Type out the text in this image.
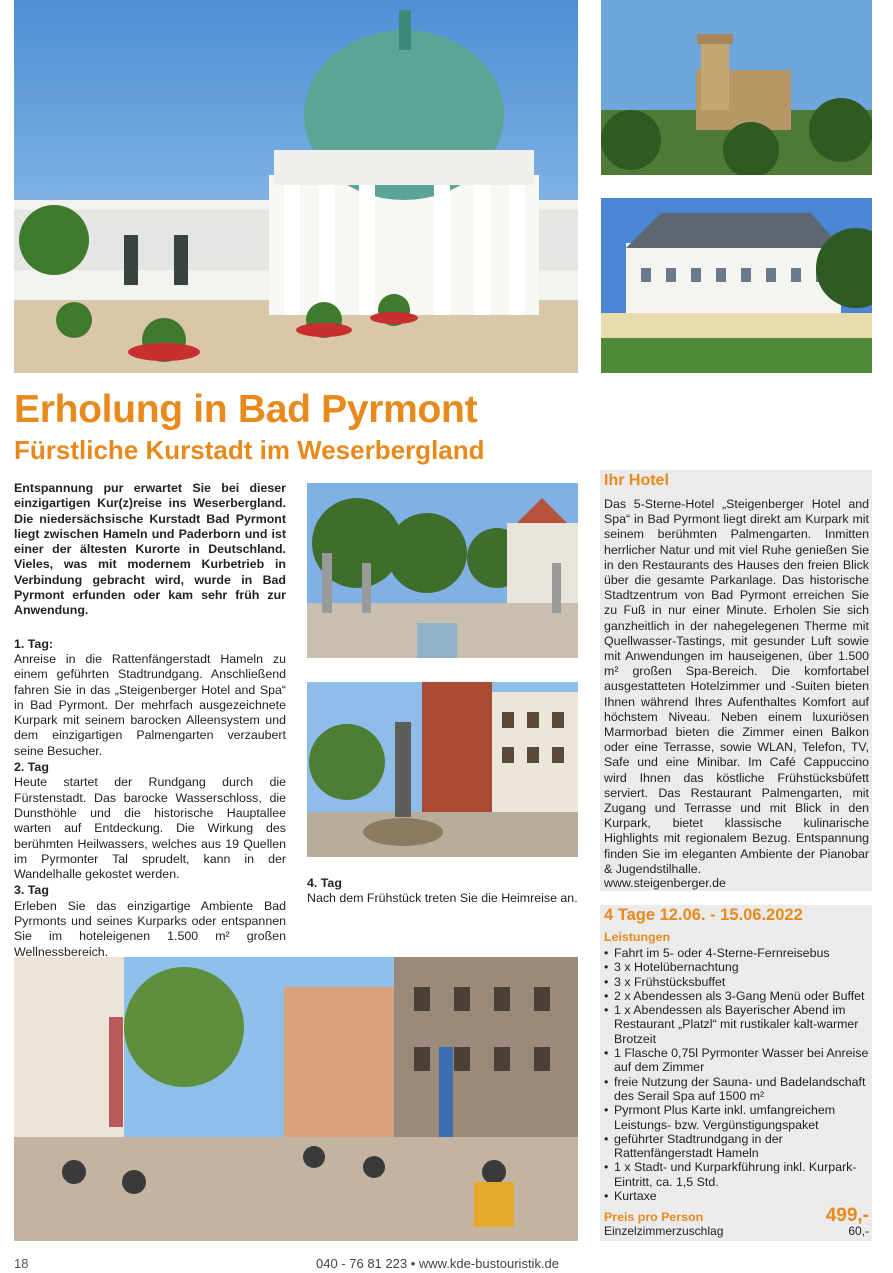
Erholung in Bad Pyrmont
Fürstliche Kurstadt im Weserbergland

Entspannung pur erwartet Sie bei dieser einzigartigen Kur(z)reise ins Weserbergland. Die niedersächsische Kurstadt Bad Pyrmont liegt zwischen Hameln und Paderborn und ist einer der ältesten Kurorte in Deutschland. Vieles, was mit modernem Kurbetrieb in Verbindung gebracht wird, wurde in Bad Pyrmont erfunden oder kam sehr früh zur Anwendung.

1. Tag:

Anreise in die Rattenfängerstadt Hameln zu einem geführten Stadtrundgang. Anschließend fahren Sie in das „Steigenberger Hotel and Spa“ in Bad Pyrmont. Der mehrfach ausgezeichnete Kurpark mit seinem barocken Alleensystem und dem einzigartigen Palmengarten verzaubert seine Besucher.

2. Tag

Heute startet der Rundgang durch die Fürstenstadt. Das barocke Wasserschloss, die Dunsthöhle und die historische Hauptallee warten auf Entdeckung. Die Wirkung des berühmten Heilwassers, welches aus 19 Quellen im Pyrmonter Tal sprudelt, kann in der Wandelhalle gekostet werden.

3. Tag

Erleben Sie das einzigartige Ambiente Bad Pyrmonts und seines Kurparks oder entspannen Sie im hoteleigenen 1.500 m² großen Wellnessbereich.

4. Tag

Nach dem Frühstück treten Sie die Heimreise an.

Ihr Hotel

Das 5-Sterne-Hotel „Steigenberger Hotel and Spa“ in Bad Pyrmont liegt direkt am Kurpark mit seinem berühmten Palmengarten. Inmitten herrlicher Natur und mit viel Ruhe genießen Sie in den Restaurants des Hauses den freien Blick über die gesamte Parkanlage. Das historische Stadtzentrum von Bad Pyrmont erreichen Sie zu Fuß in nur einer Minute. Erholen Sie sich ganzheitlich in der nahegelegenen Therme mit Quellwasser-Tastings, mit gesunder Luft sowie mit Anwendungen im hauseigenen, über 1.500 m² großen Spa-Bereich. Die komfortabel ausgestatteten Hotelzimmer und -Suiten bieten Ihnen während Ihres Aufenthaltes Komfort auf höchstem Niveau. Neben einem luxuriösen Marmorbad bieten die Zimmer einen Balkon oder eine Terrasse, sowie WLAN, Telefon, TV, Safe und eine Minibar. Im Café Cappuccino wird Ihnen das köstliche Frühstücksbüfett serviert. Das Restaurant Palmengarten, mit Zugang und Terrasse und mit Blick in den Kurpark, bietet klassische kulinarische Highlights mit regionalem Bezug. Entspannung finden Sie im eleganten Ambiente der Pianobar & Jugendstilhalle.

www.steigenberger.de
4 Tage 12.06. - 15.06.2022
Leistungen
• Fahrt im 5- oder 4-Sterne-Fernreisebus
• 3 x Hotelübernachtung
• 3 x Frühstücksbuffet
• 2 x Abendessen als 3-Gang Menü oder Buffet
• 1 x Abendessen als Bayerischer Abend im Restaurant „Platzl“ mit rustikaler kalt-warmer Brotzeit
• 1 Flasche 0,75l Pyrmonter Wasser bei Anreise auf dem Zimmer
• freie Nutzung der Sauna- und Badelandschaft des Serail Spa auf 1500 m²
• Pyrmont Plus Karte inkl. umfangreichem Leistungs- bzw. Vergünstigungspaket
• geführter Stadtrundgang in der Rattenfängerstadt Hameln
• 1 x Stadt- und Kurparkführung inkl. Kurpark-Eintritt, ca. 1,5 Std.
• Kurtaxe
Preis pro Person	499,-
Einzelzimmerzuschlag	60,-
18	040 - 76 81 223 • www.kde-bustouristik.de
